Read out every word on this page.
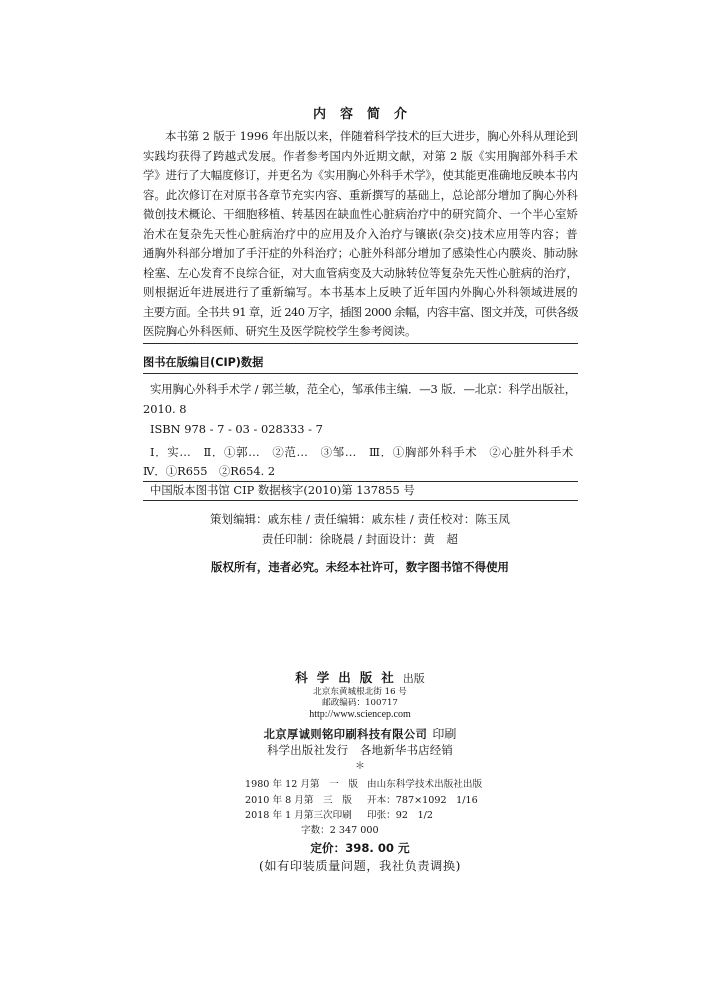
内容简介
本书第 2 版于 1996 年出版以来，伴随着科学技术的巨大进步，胸心外科从理论到
实践均获得了跨越式发展。作者参考国内外近期文献，对第 2 版《实用胸部外科手术
学》进行了大幅度修订，并更名为《实用胸心外科手术学》，使其能更准确地反映本书内
容。此次修订在对原书各章节充实内容、重新撰写的基础上，总论部分增加了胸心外科
微创技术概论、干细胞移植、转基因在缺血性心脏病治疗中的研究简介、一个半心室矫
治术在复杂先天性心脏病治疗中的应用及介入治疗与镶嵌(杂交)技术应用等内容；普
通胸外科部分增加了手汗症的外科治疗；心脏外科部分增加了感染性心内膜炎、肺动脉
栓塞、左心发育不良综合征，对大血管病变及大动脉转位等复杂先天性心脏病的治疗，
则根据近年进展进行了重新编写。本书基本上反映了近年国内外胸心外科领域进展的
主要方面。全书共 91 章，近 240 万字，插图 2000 余幅，内容丰富、图文并茂，可供各级
医院胸心外科医师、研究生及医学院校学生参考阅读。
图书在版编目(CIP)数据
实用胸心外科手术学 / 郭兰敏，范全心，邹承伟主编．—3 版．—北京：科学出版社，
2010. 8
ISBN 978 - 7 - 03 - 028333 - 7
Ⅰ．实…　Ⅱ．①郭…　②范…　③邹…　Ⅲ．①胸部外科手术　②心脏外科手术
Ⅳ．①R655　②R654. 2
中国版本图书馆 CIP 数据核字(2010)第 137855 号
策划编辑：戚东桂 / 责任编辑：戚东桂 / 责任校对：陈玉凤
责任印制：徐晓晨 / 封面设计：黄　超
版权所有，违者必究。未经本社许可，数字图书馆不得使用
科学出版社出版
北京东黄城根北街 16 号
邮政编码：100717
http://www.sciencep.com
北京厚诚则铭印刷科技有限公司 印刷
科学出版社发行　各地新华书店经销
＊
1980 年 12 月第　一　版 由山东科学技术出版社出版
2010 年 8 月第　三　版 开本：787×1092　1/16
2018 年 1 月第三次印刷 印张：92　1/2
字数：2 347 000
定价：398. 00 元
(如有印装质量问题，我社负责调换)
